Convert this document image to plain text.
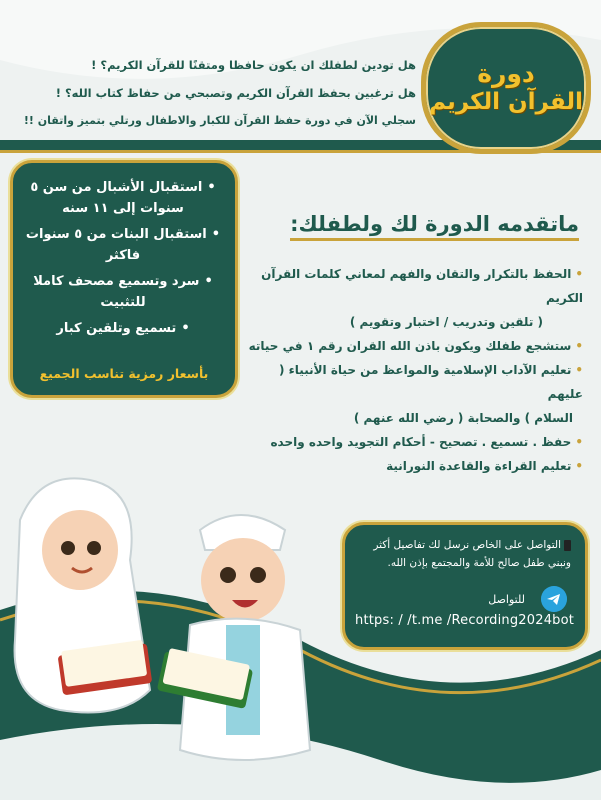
دورة
القرآن الكريم
هل تودين لطفلك ان يكون حافظا ومتقنًا للقرآن الكريم؟ !
هل ترغبين بحفظ القرآن الكريم وتصبحي من حفاظ كتاب الله؟ !
سجلي الآن في دورة حفظ القرآن للكبار والاطفال ورتلي بتميز واتقان !!
•استقبال الأشبال من سن ٥ سنوات إلى ١١ سنه
•استقبال البنات من ٥ سنوات فاكثر
•سرد وتسميع مصحف كاملا للتثبيت
•تسميع وتلقين كبار
بأسعار رمزية تناسب الجميع
ماتقدمه الدورة لك ولطفلك:
•الحفظ بالتكرار والتقان والفهم لمعاني كلمات القرآن الكريم
( تلقين وتدريب / اختبار وتقويم )
•ستشجع طفلك ويكون باذن الله القران رقم ١ في حياته
•تعليم الآداب الإسلامية والمواعظ من حياة الأنبياء ( عليهم
السلام ) والصحابة ( رضي الله عنهم )
•حفظ . تسميع . تصحيح - أحكام التجويد واحده واحده
•تعليم القراءة والقاعدة النورانية
التواصل على الخاص نرسل لك تفاصيل أكثر
ونبني طفل صالح للأمة والمجتمع بإذن الله.
للتواصل
https: / /t.me /Recording2024bot
